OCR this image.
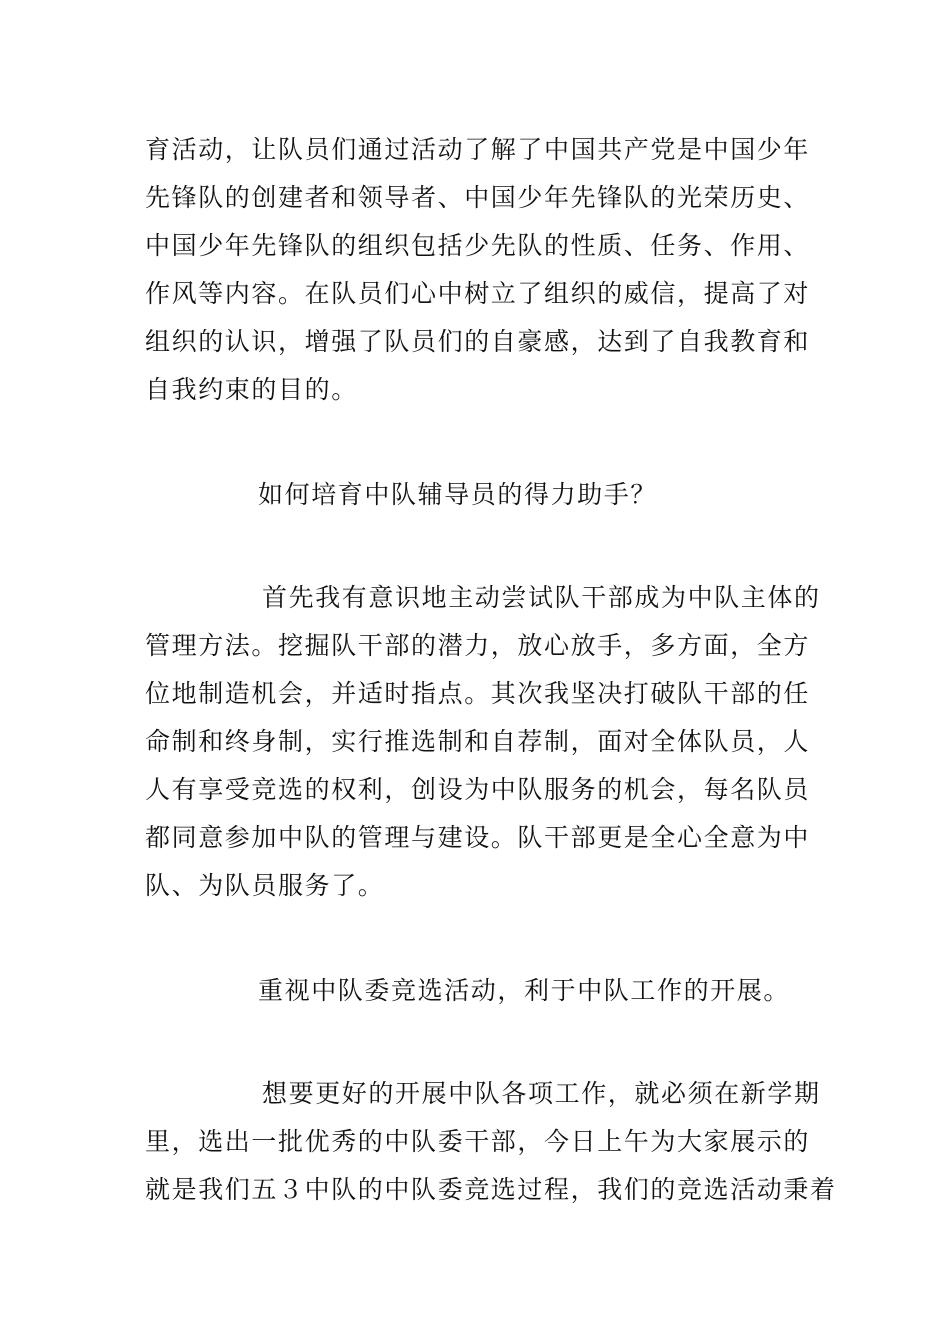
育活动，让队员们通过活动了解了中国共产党是中国少年
先锋队的创建者和领导者、中国少年先锋队的光荣历史、
中国少年先锋队的组织包括少先队的性质、任务、作用、
作风等内容。在队员们心中树立了组织的威信，提高了对
组织的认识，增强了队员们的自豪感，达到了自我教育和
自我约束的目的。
如何培育中队辅导员的得力助手？
首先我有意识地主动尝试队干部成为中队主体的
管理方法。挖掘队干部的潜力，放心放手，多方面，全方
位地制造机会，并适时指点。其次我坚决打破队干部的任
命制和终身制，实行推选制和自荐制，面对全体队员，人
人有享受竞选的权利，创设为中队服务的机会，每名队员
都同意参加中队的管理与建设。队干部更是全心全意为中
队、为队员服务了。
重视中队委竞选活动，利于中队工作的开展。
想要更好的开展中队各项工作，就必须在新学期
里，选出一批优秀的中队委干部，今日上午为大家展示的
就是我们五３中队的中队委竞选过程，我们的竞选活动秉着
